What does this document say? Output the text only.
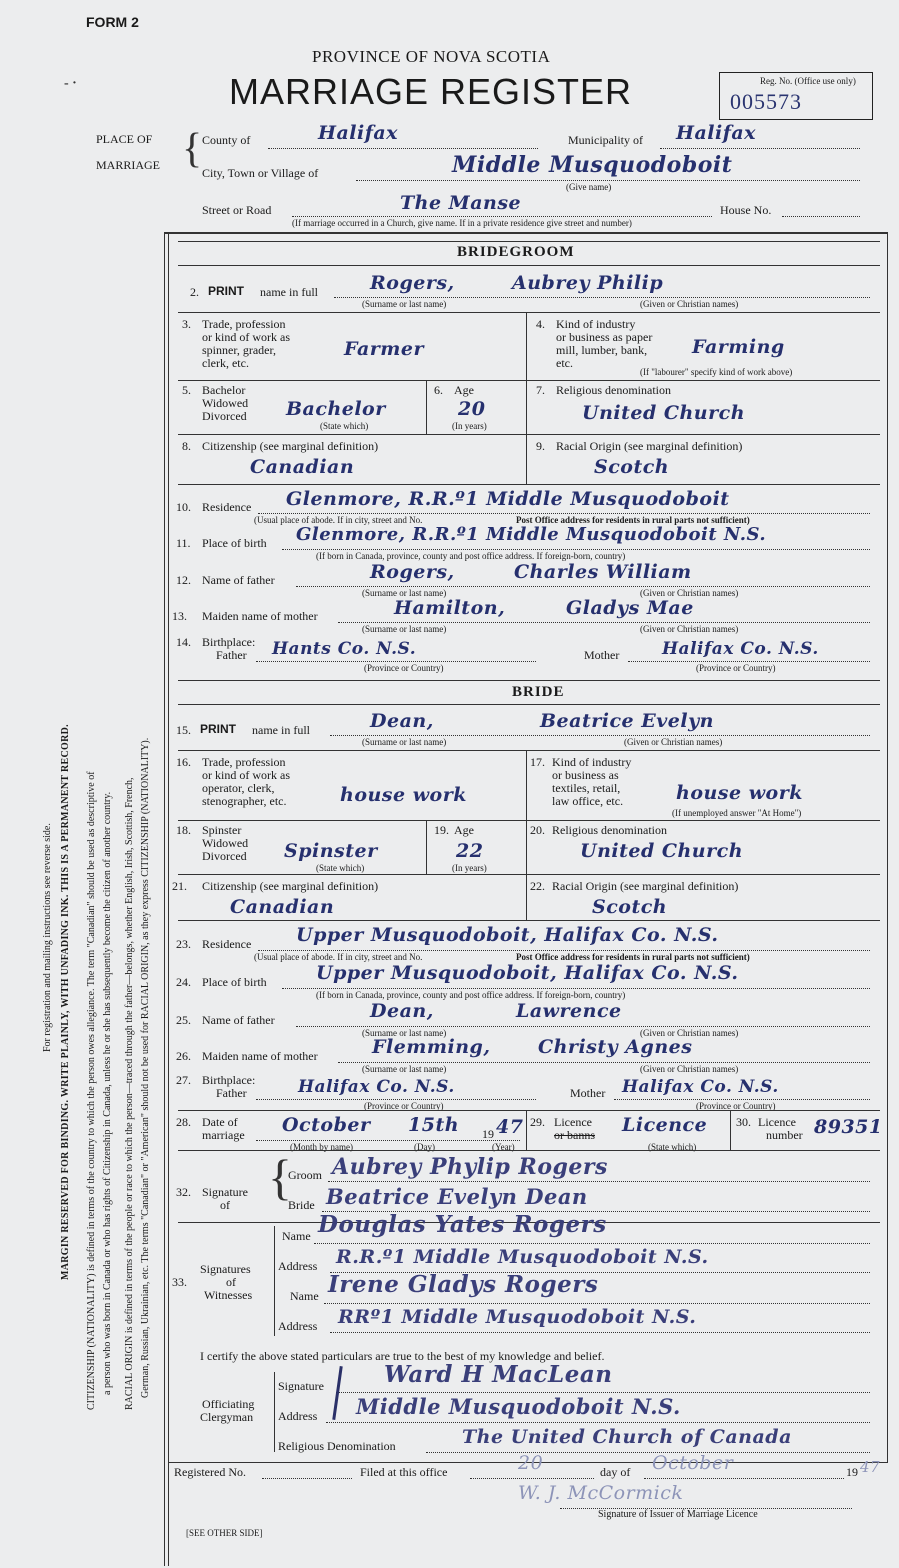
FORM 2
PROVINCE OF NOVA SCOTIA
MARRIAGE REGISTER	Reg. No. (Office use only)
005573
- ·
For registration and mailing instructions see reverse side. MARGIN RESERVED FOR BINDING. WRITE PLAINLY, WITH UNFADING INK. THIS IS A PERMANENT RECORD. CITIZENSHIP (NATIONALITY) is defined in terms of the country to which the person owes allegiance. The term "Canadian" should be used as descriptive of a person who was born in Canada or who has rights of Citizenship in Canada, unless he or she has subsequently become the citizen of another country. RACIAL ORIGIN is defined in terms of the people or race to which the person—traced through the father—belongs, whether English, Irish, Scottish, French, German, Russian, Ukrainian, etc. The terms "Canadian" or "American" should not be used for RACIAL ORIGIN, as they express CITIZENSHIP (NATIONALITY).
PLACE OF
MARRIAGE { County of	Halifax	Municipality of Halifax
City, Town or Village of	Middle Musquodoboit
(Give name)
Street or Road	The Manse	House No.
(If marriage occurred in a Church, give name. If in a private residence give street and number)
BRIDEGROOM
2. PRINT name in full	Rogers,	Aubrey Philip
(Surname or last name)	(Given or Christian names)
3. Trade, profession
or kind of work as
spinner, grader,
clerk, etc.
Farmer
4. Kind of industry
or business as paper
mill, lumber, bank,
etc.
Farming
(If "labourer" specify kind of work above)
5. Bachelor
Widowed
Divorced Bachelor
(State which)
6. Age
20
(In years)
7. Religious denomination
United Church
8. Citizenship (see marginal definition)
Canadian
9. Racial Origin (see marginal definition)
Scotch
10. Residence Glenmore, R.R.º1 Middle Musquodoboit
(Usual place of abode. If in city, street and No.	Post Office address for residents in rural parts not sufficient)
11. Place of birth Glenmore, R.R.º1 Middle Musquodoboit N.S.
(If born in Canada, province, county and post office address. If foreign-born, country)
12. Name of father	Rogers,	Charles William
(Surname or last name)	(Given or Christian names)
13. Maiden name of mother	Hamilton,	Gladys Mae
(Surname or last name)	(Given or Christian names)
14. Birthplace:
Father Hants Co. N.S.	Mother	Halifax Co. N.S.
(Province or Country)	(Province or Country)
BRIDE
15. PRINT name in full	Dean,	Beatrice Evelyn
(Surname or last name)	(Given or Christian names)
16. Trade, profession
or kind of work as
operator, clerk,
stenographer, etc.	house work
17. Kind of industry
or business as
textiles, retail,
law office, etc.	house work
(If unemployed answer "At Home")
18. Spinster
Widowed
Divorced Spinster
(State which)
19. Age
22
(In years)
20. Religious denomination
United Church
21. Citizenship (see marginal definition)
Canadian
22. Racial Origin (see marginal definition)
Scotch
23. Residence Upper Musquodoboit, Halifax Co. N.S.
(Usual place of abode. If in city, street and No.	Post Office address for residents in rural parts not sufficient)
24. Place of birth	Upper Musquodoboit, Halifax Co. N.S.
(If born in Canada, province, county and post office address. If foreign-born, country)
25. Name of father	Dean,	Lawrence
(Surname or last name)	(Given or Christian names)
26. Maiden name of mother	Flemming,	Christy Agnes
(Surname or last name)	(Given or Christian names)
27. Birthplace:
Father	Halifax Co. N.S.	Mother Halifax Co. N.S.
(Province or Country)	(Province or Country)
28. Date of
marriage October 15th 19 47
(Month by name)	(Day)	(Year)
29. Licence
or banns Licence
(State which)
30. Licence
number 89351
32. Signature
of {
Groom Aubrey Phylip Rogers
Bride Beatrice Evelyn Dean
33.
Signatures
of
Witnesses
Name Douglas Yates Rogers
Address R.R.º1 Middle Musquodoboit N.S.
Name Irene Gladys Rogers
Address RRº1 Middle Musquodoboit N.S.
I certify the above stated particulars are true to the best of my knowledge and belief.
Officiating
Clergyman
Signature	Ward H MacLean
Address Middle Musquodoboit N.S.
Religious Denomination	The United Church of Canada
Registered No.	Filed at this office	20	day of October	19 47
W. J. McCormick
Signature of Issuer of Marriage Licence
[SEE OTHER SIDE]
